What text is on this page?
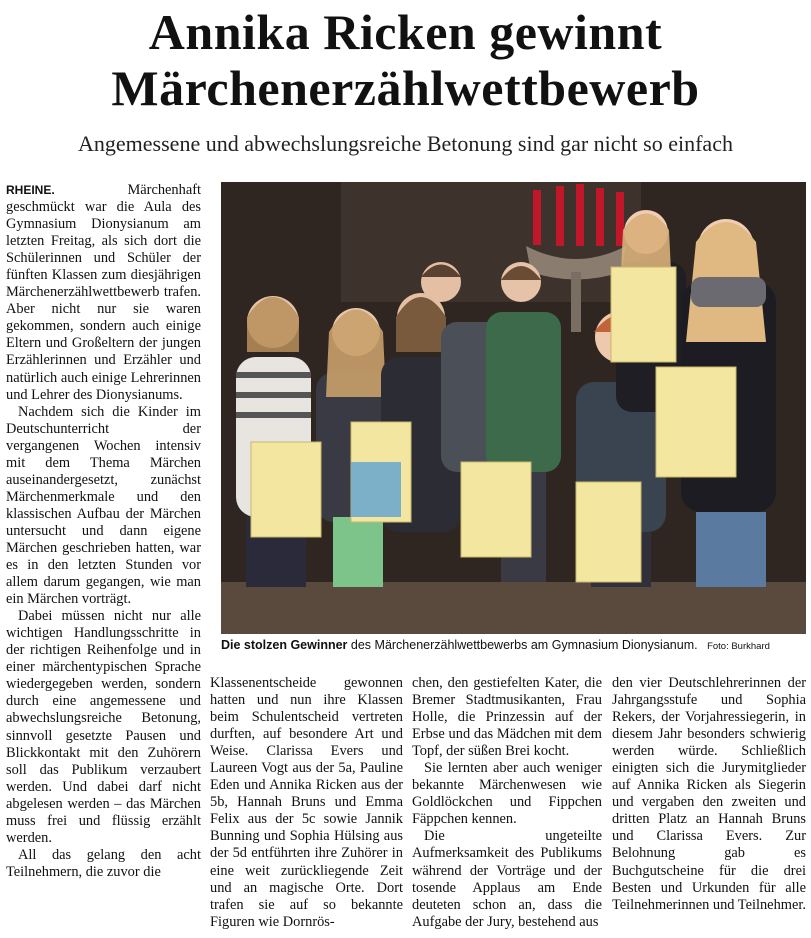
Annika Ricken gewinnt
Märchenerzählwettbewerb
Angemessene und abwechslungsreiche Betonung sind gar nicht so einfach

RHEINE.	Märchenhaft geschmückt war die Aula des Gymnasium Dionysianum am letzten Freitag, als sich dort die Schülerinnen und Schüler der fünften Klassen zum diesjährigen Märchenerzählwettbewerb trafen. Aber nicht nur sie waren gekommen, sondern auch einige Eltern und Großeltern der jungen Erzählerinnen und Erzähler und natürlich auch einige Lehrerinnen und Lehrer des Dionysianums.

Nachdem sich die Kinder im Deutschunterricht der vergangenen Wochen intensiv mit dem Thema Märchen auseinandergesetzt, zunächst Märchenmerkmale und den klassischen Aufbau der Märchen untersucht und dann eigene Märchen geschrieben hatten, war es in den letzten Stunden vor allem darum gegangen, wie man ein Märchen vorträgt.

Dabei müssen nicht nur alle wichtigen Handlungsschritte in der richtigen Reihenfolge und in einer märchentypischen Sprache wiedergegeben werden, sondern durch eine angemessene und abwechslungsreiche Betonung, sinnvoll gesetzte Pausen und Blickkontakt mit den Zuhörern soll das Publikum verzaubert werden. Und dabei darf nicht abgelesen werden – das Märchen muss frei und flüssig erzählt werden.

All das gelang den acht Teilnehmern, die zuvor die

Die stolzen Gewinner des Märchenerzählwettbewerbs am Gymnasium Dionysianum. Foto: Burkhard

Klassenentscheide gewonnen hatten und nun ihre Klassen beim Schulentscheid vertreten durften, auf besondere Art und Weise. Clarissa Evers und Laureen Vogt aus der 5a, Pauline Eden und Annika Ricken aus der 5b, Hannah Bruns und Emma Felix aus der 5c sowie Jannik Bunning und Sophia Hülsing aus der 5d entführten ihre Zuhörer in eine weit zurückliegende Zeit und an magische Orte. Dort trafen sie auf so bekannte Figuren wie Dornrös-

chen, den gestiefelten Kater, die Bremer Stadtmusikanten, Frau Holle, die Prinzessin auf der Erbse und das Mädchen mit dem Topf, der süßen Brei kocht.

Sie lernten aber auch weniger bekannte Märchenwesen wie Goldlöckchen und Fippchen Fäppchen kennen.

Die ungeteilte Aufmerksamkeit des Publikums während der Vorträge und der tosende Applaus am Ende deuteten schon an, dass die Aufgabe der Jury, bestehend aus

den vier Deutschlehrerinnen der Jahrgangsstufe und Sophia Rekers, der Vorjahressiegerin, in diesem Jahr besonders schwierig werden würde. Schließlich einigten sich die Jurymitglieder auf Annika Ricken als Siegerin und vergaben den zweiten und dritten Platz an Hannah Bruns und Clarissa Evers. Zur Belohnung gab es Buchgutscheine für die drei Besten und Urkunden für alle Teilnehmerinnen und Teilnehmer.
